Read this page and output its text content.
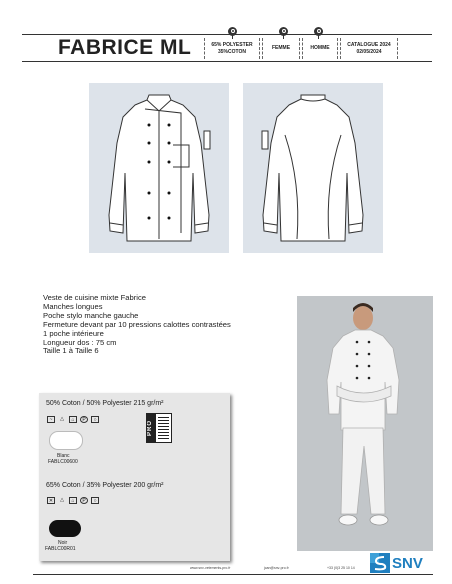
FABRICE ML	65% POLYESTER
35%COTON
FEMME	HOMME
CATALOGUE 2024
02/05/2024
Veste de cuisine mixte Fabrice
Manches longues
Poche stylo manche gauche
Fermeture devant par 10 pressions calottes contrastées
1 poche intérieure
Longueur dos : 75 cm
Taille 1 à Taille 6
50% Coton / 50% Polyester 215 gr/m²
~	△	⌂	P	○	PRO
Blanc
FABLC00600
65% Coton / 35% Polyester 200 gr/m²
✕	△	⌂	P	○
Noir
FABLC00R01
www.snv-vetements-pro.fr	jcan@snv-pro.fr	+33 (0)3 25 10 14 SNV
